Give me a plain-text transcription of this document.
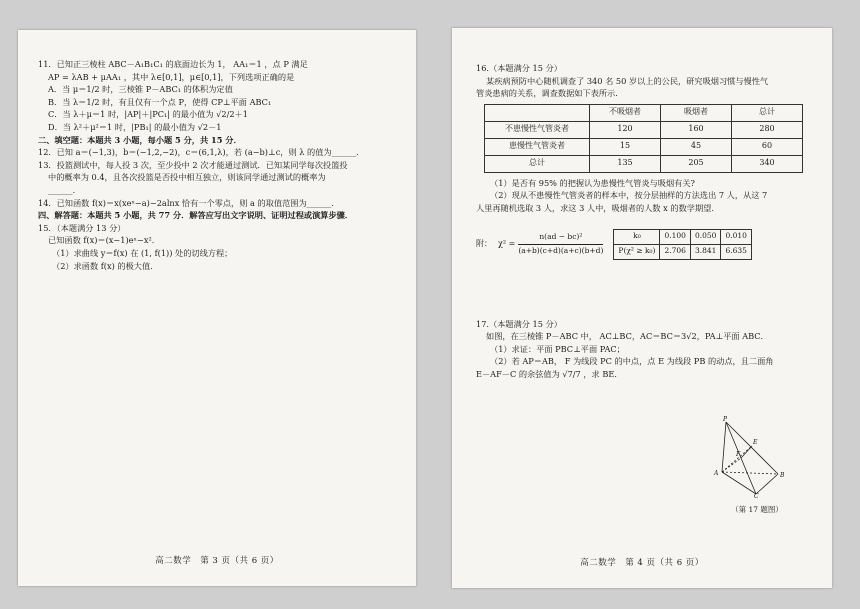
11．已知正三棱柱 ABC－A₁B₁C₁ 的底面边长为 1， AA₁＝1 ，点 P 满足
AP = λAB + μAA₁ ，其中 λ∈[0,1]，μ∈[0,1]，下列选项正确的是
A．当 μ＝1/2 时，三棱锥 P－ABC₁ 的体积为定值
B．当 λ＝1/2 时，有且仅有一个点 P，使得 CP⊥平面 ABC₁
C．当 λ＋μ＝1 时，|AP|＋|PC₁| 的最小值为 √2/2＋1
D．当 λ²＋μ²＝1 时，|PB₁| 的最小值为 √2－1
二、填空题：本题共 3 小题，每小题 5 分，共 15 分．
12．已知 a＝(−1,3)，b＝(−1,2,−2)，c＝(6,1,λ)，若 (a−b)⊥c，则 λ 的值为______．
13．投篮测试中，每人投 3 次，至少投中 2 次才能通过测试．已知某同学每次投篮投
中的概率为 0.4，且各次投篮是否投中相互独立，则该同学通过测试的概率为
______．
14．已知函数 f(x)＝x(xeˣ−a)−2alnx 恰有一个零点，则 a 的取值范围为______．
四、解答题：本题共 5 小题，共 77 分．解答应写出文字说明、证明过程或演算步骤．
15．（本题满分 13 分）
已知函数 f(x)＝(x−1)eˣ−x²．
（1）求曲线 y＝f(x) 在 (1, f(1)) 处的切线方程；
（2）求函数 f(x) 的极大值．
高二数学　第 3 页（共 6 页）
16.（本题满分 15 分）
某疾病预防中心随机调查了 340 名 50 岁以上的公民，研究吸烟习惯与慢性气
管炎患病的关系，调查数据如下表所示．
	不吸烟者	吸烟者	总计
不患慢性气管炎者	120	160	280
患慢性气管炎者	15	45	60
总计	135	205	340
（1）是否有 95% 的把握认为患慢性气管炎与吸烟有关?
（2）现从不患慢性气管炎者的样本中，按分层抽样的方法选出 7 人，从这 7
人里再随机选取 3 人，求这 3 人中，吸烟者的人数 x 的数学期望.
附： $\chi^2 = \frac{\text{n(ad − bc)²}}{(a+b)(c+d)(a+c)(b+d)}$	k₀	0.100	0.050	0.010
P(χ² ≥ k₀)	2.706	3.841	6.635
17.（本题满分 15 分）
如图，在三棱锥 P－ABC 中， AC⊥BC，AC＝BC＝3√2，PA⊥平面 ABC．
（1）求证：平面 PBC⊥平面 PAC；
（2）若 AP＝AB， F 为线段 PC 的中点，点 E 为线段 PB 的动点，且二面角
E－AF－C 的余弦值为 √7/7 ，求 BE．
P
E
F
A	B
C
（第 17 题图）
高二数学　第 4 页（共 6 页）
